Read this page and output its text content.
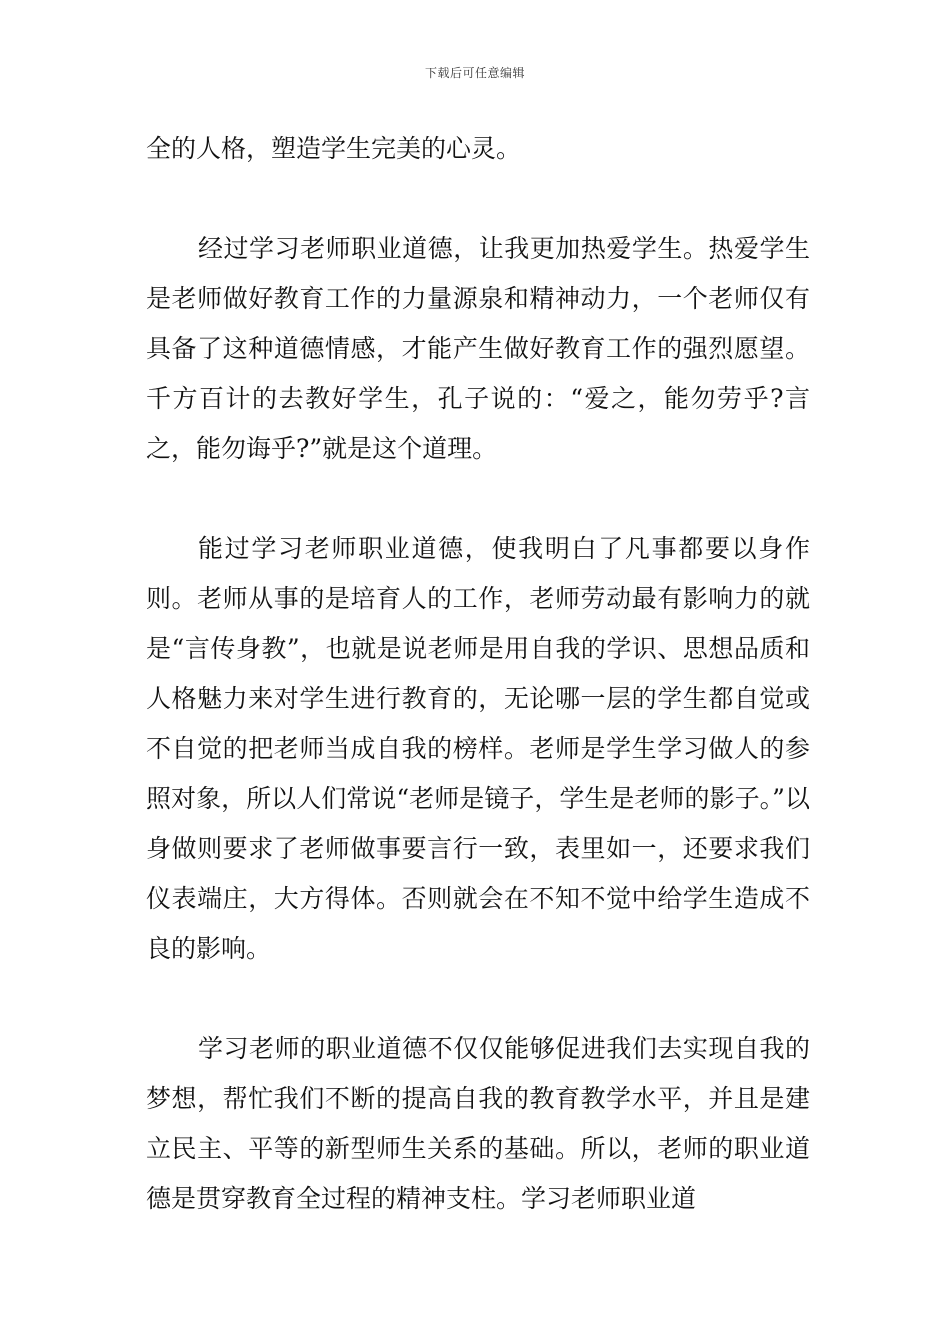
下载后可任意编辑

全的人格，塑造学生完美的心灵。

经过学习老师职业道德，让我更加热爱学生。热爱学生是老师做好教育工作的力量源泉和精神动力，一个老师仅有具备了这种道德情感，才能产生做好教育工作的强烈愿望。千方百计的去教好学生，孔子说的：“爱之，能勿劳乎?言之，能勿诲乎?”就是这个道理。

能过学习老师职业道德，使我明白了凡事都要以身作则。老师从事的是培育人的工作，老师劳动最有影响力的就是“言传身教”，也就是说老师是用自我的学识、思想品质和人格魅力来对学生进行教育的，无论哪一层的学生都自觉或不自觉的把老师当成自我的榜样。老师是学生学习做人的参照对象，所以人们常说“老师是镜子，学生是老师的影子。”以身做则要求了老师做事要言行一致，表里如一，还要求我们仪表端庄，大方得体。否则就会在不知不觉中给学生造成不良的影响。

学习老师的职业道德不仅仅能够促进我们去实现自我的梦想，帮忙我们不断的提高自我的教育教学水平，并且是建立民主、平等的新型师生关系的基础。所以，老师的职业道德是贯穿教育全过程的精神支柱。学习老师职业道
